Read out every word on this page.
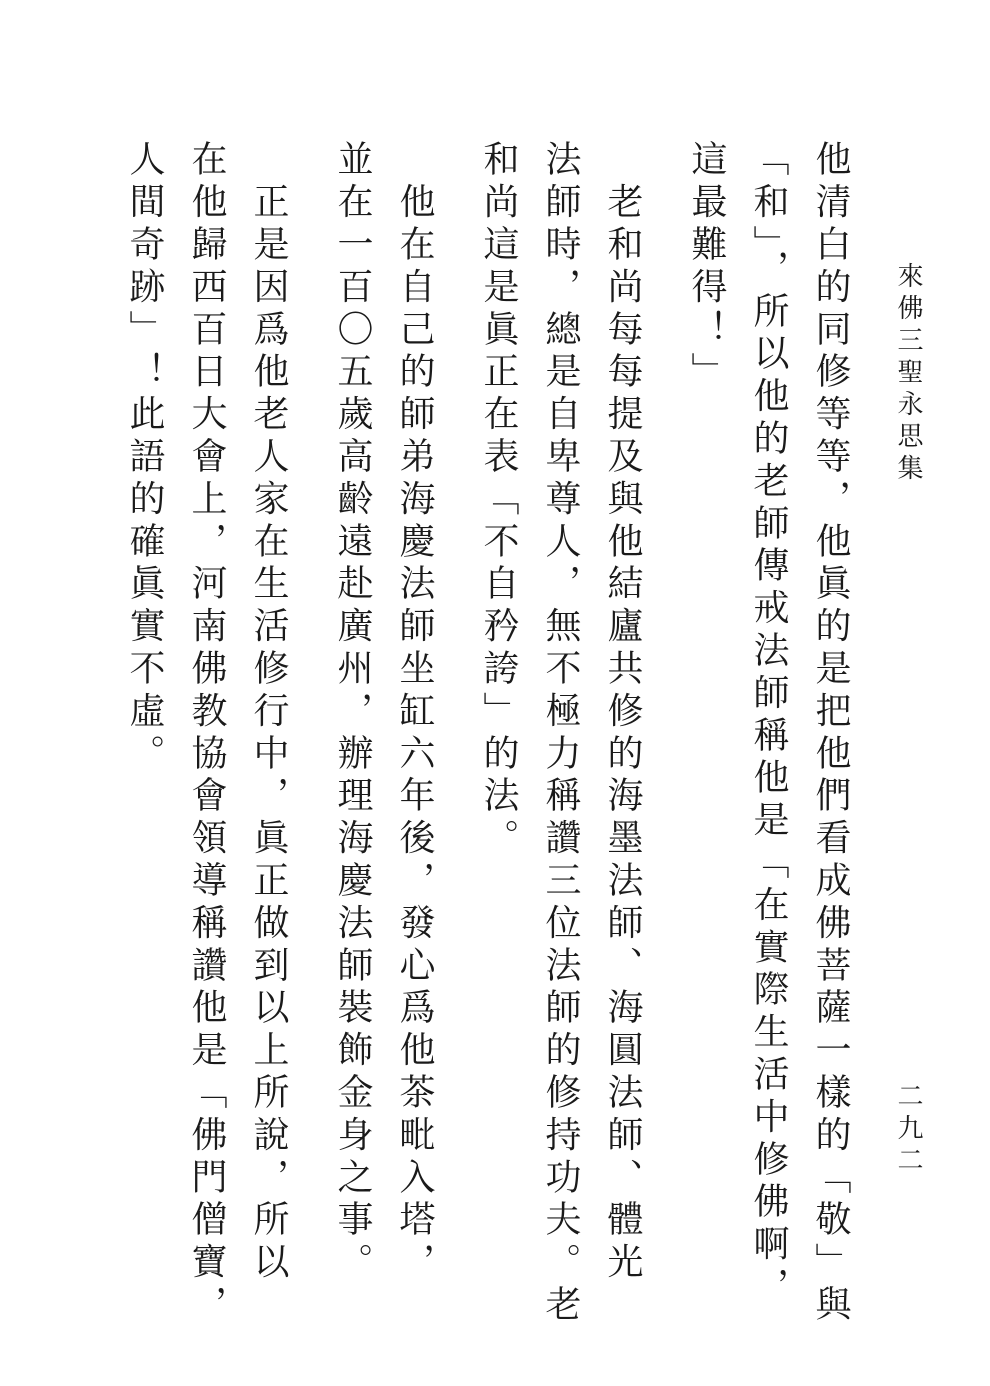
來佛三聖永思集
二九二

他清白的同修等等，他眞的是把他們看成佛菩薩一樣的「敬」與

「和」，所以他的老師傳戒法師稱他是「在實際生活中修佛啊，

這最難得！」

　老和尚每每提及與他結廬共修的海墨法師、海圓法師、體光

法師時，總是自卑尊人，無不極力稱讚三位法師的修持功夫。老

和尚這是眞正在表「不自矜誇」的法。

　他在自己的師弟海慶法師坐缸六年後，發心爲他茶毗入塔，

並在一百〇五歲高齡遠赴廣州，辦理海慶法師裝飾金身之事。

　正是因爲他老人家在生活修行中，眞正做到以上所說，所以

在他歸西百日大會上，河南佛教協會領導稱讚他是「佛門僧寶，

人間奇跡」！此語的確眞實不虛。
